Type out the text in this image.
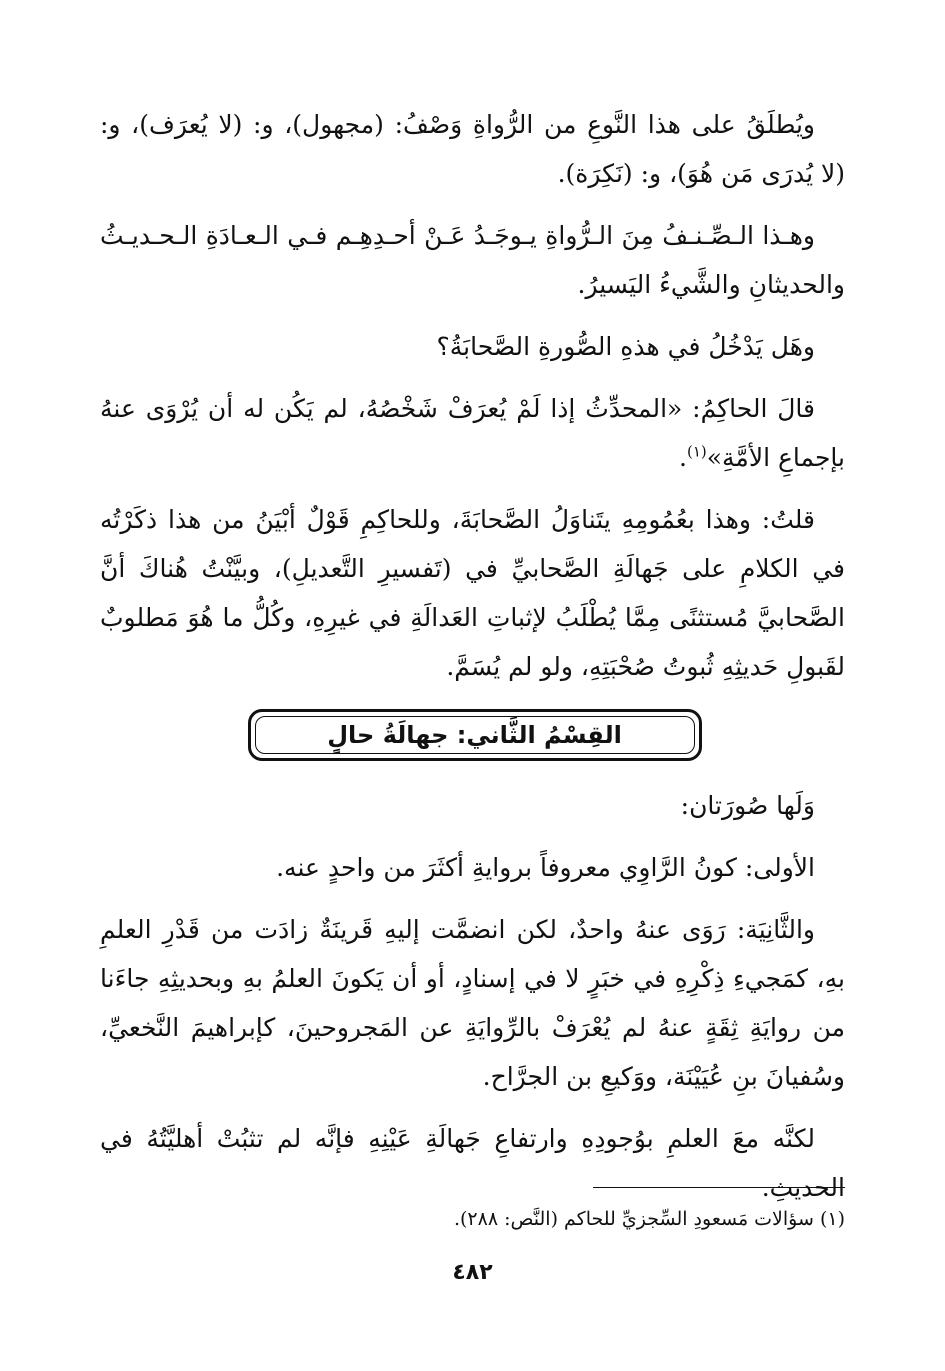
ويُطلَقُ على هذا النَّوعِ من الرُّواةِ وَصْفُ: (مجهول)، و: (لا يُعرَف)، و: (لا يُدرَى مَن هُوَ)، و: (نَكِرَة).

وهـذا الـصِّـنـفُ مِنَ الـرُّواةِ يـوجَـدُ عَـنْ أحـدِهِـم فـي الـعـادَةِ الـحـديـثُ والحديثانِ والشَّيءُ اليَسيرُ.

وهَل يَدْخُلُ في هذهِ الصُّورةِ الصَّحابَةُ؟

قالَ الحاكِمُ: «المحدِّثُ إذا لَمْ يُعرَفْ شَخْصُهُ، لم يَكُن له أن يُرْوَى عنهُ بإجماعِ الأمَّةِ»$^{(١)}$.

قلتُ: وهذا بعُمُومِهِ يتَناوَلُ الصَّحابَةَ، وللحاكِمِ قَوْلٌ أبْيَنُ من هذا ذكَرْتُه في الكلامِ على جَهالَةِ الصَّحابيِّ في (تَفسيرِ التَّعديلِ)، وبيَّنْتُ هُناكَ أنَّ الصَّحابيَّ مُستثنًى مِمَّا يُطْلَبُ لإثباتِ العَدالَةِ في غيرِهِ، وكُلُّ ما هُوَ مَطلوبٌ لقَبولِ حَديثِهِ ثُبوتُ صُحْبَتِهِ، ولو لم يُسَمَّ.

القِسْمُ الثَّاني: جهالَةُ حالٍ

وَلَها صُورَتان:

الأولى: كونُ الرَّاوِي معروفاً بروايةِ أكثَرَ من واحدٍ عنه.

والثَّانِيَة: رَوَى عنهُ واحدٌ، لكن انضمَّت إليهِ قَرينَةٌ زادَت من قَدْرِ العلمِ بهِ، كمَجيءِ ذِكْرِهِ في خبَرٍ لا في إسنادٍ، أو أن يَكونَ العلمُ بهِ وبحديثِهِ جاءَنا من روايَةِ ثِقَةٍ عنهُ لم يُعْرَفْ بالرِّوايَةِ عن المَجروحينَ، كإبراهيمَ النَّخعيِّ، وسُفيانَ بنِ عُيَيْنَة، ووَكيعِ بن الجرَّاح.

لكنَّه معَ العلمِ بوُجودِهِ وارتفاعِ جَهالَةِ عَيْنِهِ فإنَّه لم تثبُتْ أهليَّتُهُ في الحديثِ.

(١) سؤالات مَسعودِ السِّجزيِّ للحاكم (النَّص: ٢٨٨).
٤٨٢
